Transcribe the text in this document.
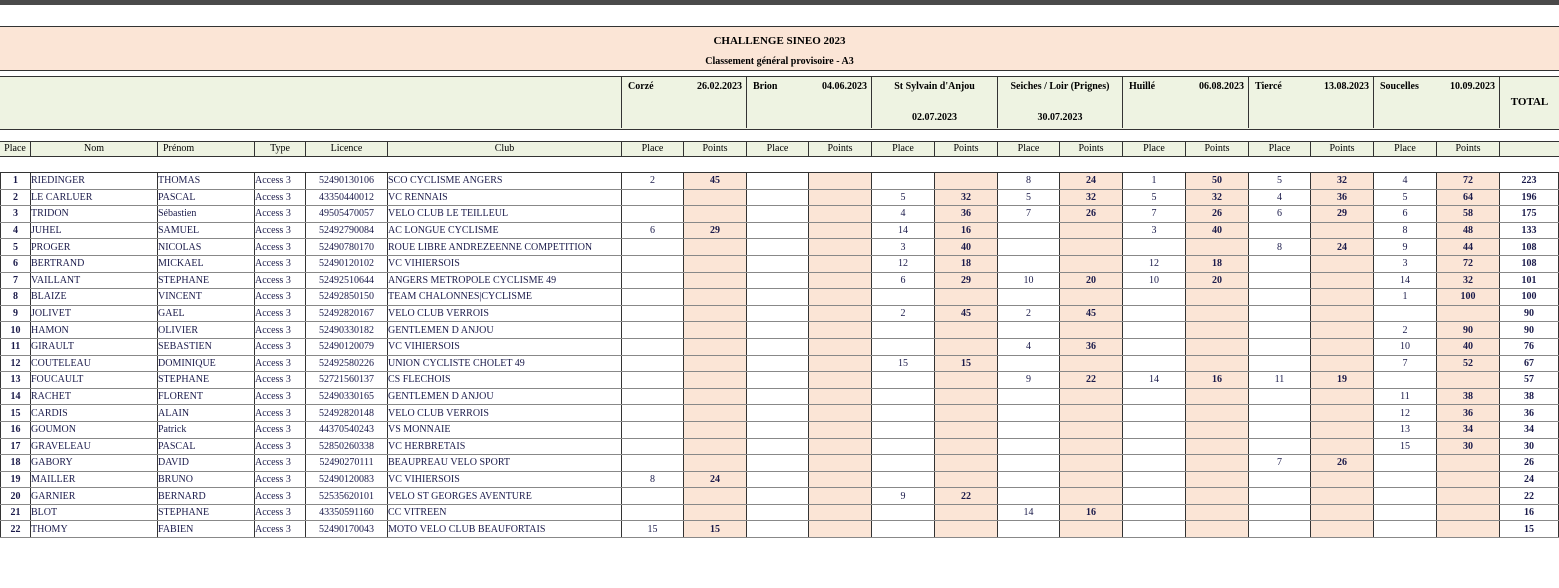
CHALLENGE SINEO 2023
Classement général provisoire - A3
Corzé	26.02.2023 Brion	04.06.2023	St Sylvain d'Anjou
02.07.2023
Seiches / Loir (Prignes)
30.07.2023
Huillé	06.08.2023 Tiercé	13.08.2023 Soucelles	10.09.2023
TOTAL
Place	Nom	Prénom	Type	Licence	Club	Place	Points	Place	Points	Place	Points	Place	Points	Place	Points	Place	Points	Place	Points
1	RIEDINGER	THOMAS	Access 3	52490130106	SCO CYCLISME ANGERS	2	45					8	24	1	50	5	32	4	72	223
2	LE CARLUER	PASCAL	Access 3	43350440012	VC RENNAIS					5	32	5	32	5	32	4	36	5	64	196
3	TRIDON	Sébastien	Access 3	49505470057	VELO CLUB LE TEILLEUL					4	36	7	26	7	26	6	29	6	58	175
4	JUHEL	SAMUEL	Access 3	52492790084	AC LONGUE CYCLISME	6	29			14	16			3	40			8	48	133
5	PROGER	NICOLAS	Access 3	52490780170	ROUE LIBRE ANDREZEENNE COMPETITION					3	40					8	24	9	44	108
6	BERTRAND	MICKAEL	Access 3	52490120102	VC VIHIERSOIS					12	18			12	18			3	72	108
7	VAILLANT	STEPHANE	Access 3	52492510644	ANGERS METROPOLE CYCLISME 49					6	29	10	20	10	20			14	32	101
8	BLAIZE	VINCENT	Access 3	52492850150	TEAM CHALONNES|CYCLISME													1	100	100
9	JOLIVET	GAEL	Access 3	52492820167	VELO CLUB VERROIS					2	45	2	45							90
10	HAMON	OLIVIER	Access 3	52490330182	GENTLEMEN D ANJOU													2	90	90
11	GIRAULT	SEBASTIEN	Access 3	52490120079	VC VIHIERSOIS							4	36					10	40	76
12	COUTELEAU	DOMINIQUE	Access 3	52492580226	UNION CYCLISTE CHOLET 49					15	15							7	52	67
13	FOUCAULT	STEPHANE	Access 3	52721560137	CS FLECHOIS							9	22	14	16	11	19			57
14	RACHET	FLORENT	Access 3	52490330165	GENTLEMEN D ANJOU													11	38	38
15	CARDIS	ALAIN	Access 3	52492820148	VELO CLUB VERROIS													12	36	36
16	GOUMON	Patrick	Access 3	44370540243	VS MONNAIE													13	34	34
17	GRAVELEAU	PASCAL	Access 3	52850260338	VC HERBRETAIS													15	30	30
18	GABORY	DAVID	Access 3	52490270111	BEAUPREAU VELO SPORT											7	26			26
19	MAILLER	BRUNO	Access 3	52490120083	VC VIHIERSOIS	8	24													24
20	GARNIER	BERNARD	Access 3	52535620101	VELO ST GEORGES AVENTURE					9	22									22
21	BLOT	STEPHANE	Access 3	43350591160	CC VITREEN							14	16							16
22	THOMY	FABIEN	Access 3	52490170043	MOTO VELO CLUB BEAUFORTAIS	15	15													15
